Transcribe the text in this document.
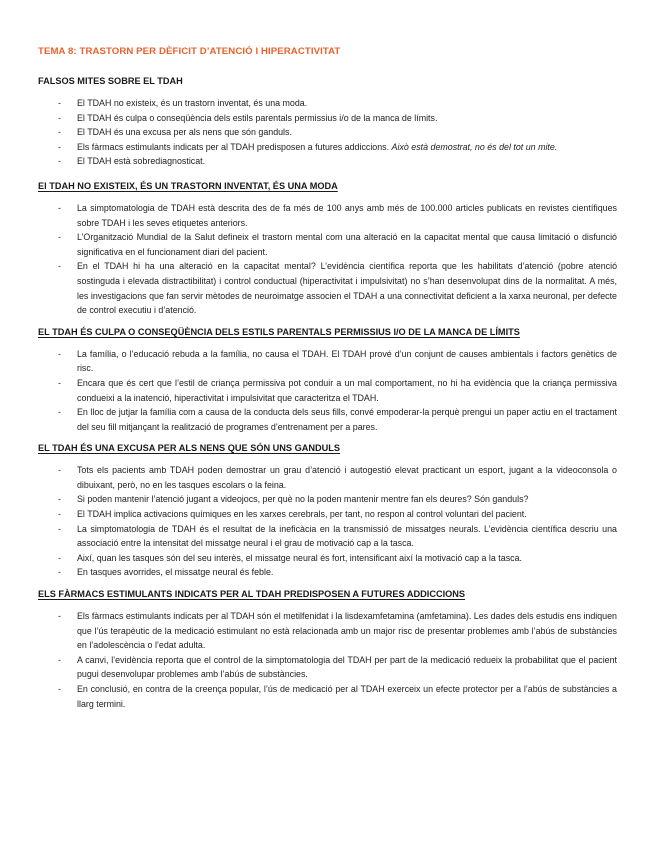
TEMA 8: TRASTORN PER DÈFICIT D’ATENCIÓ I HIPERACTIVITAT
FALSOS MITES SOBRE EL TDAH
- El TDAH no existeix, és un trastorn inventat, és una moda.
- El TDAH és culpa o conseqüència dels estils parentals permissius i/o de la manca de límits.
- El TDAH és una excusa per als nens que són ganduls.
- Els fàrmacs estimulants indicats per al TDAH predisposen a futures addiccions. Això està demostrat, no és del tot un mite.
- El TDAH està sobrediagnosticat.
El TDAH NO EXISTEIX, ÉS UN TRASTORN INVENTAT, ÉS UNA MODA
- La simptomatologia de TDAH està descrita des de fa més de 100 anys amb més de 100.000 articles publicats en revistes científiques sobre TDAH i les seves etiquetes anteriors.
- L’Organització Mundial de la Salut defineix el trastorn mental com una alteració en la capacitat mental que causa limitació o disfunció significativa en el funcionament diari del pacient.
- En el TDAH hi ha una alteració en la capacitat mental? L’evidència científica reporta que les habilitats d’atenció (pobre atenció sostinguda i elevada distractibilitat) i control conductual (hiperactivitat i impulsivitat) no s’han desenvolupat dins de la normalitat. A més, les investigacions que fan servir mètodes de neuroimatge associen el TDAH a una connectivitat deficient a la xarxa neuronal, per defecte de control executiu i d’atenció.
EL TDAH ÉS CULPA O CONSEQÜÈNCIA DELS ESTILS PARENTALS PERMISSIUS I/O DE LA MANCA DE LÍMITS
- La família, o l’educació rebuda a la família, no causa el TDAH. El TDAH prové d’un conjunt de causes ambientals i factors genètics de risc.
- Encara que és cert que l’estil de criança permissiva pot conduir a un mal comportament, no hi ha evidència que la criança permissiva condueixi a la inatenció, hiperactivitat i impulsivitat que caracteritza el TDAH.
- En lloc de jutjar la família com a causa de la conducta dels seus fills, convé empoderar-la perquè prengui un paper actiu en el tractament del seu fill mitjançant la realització de programes d’entrenament per a pares.
EL TDAH ÉS UNA EXCUSA PER ALS NENS QUE SÓN UNS GANDULS
- Tots els pacients amb TDAH poden demostrar un grau d’atenció i autogestió elevat practicant un esport, jugant a la videoconsola o dibuixant, però, no en les tasques escolars o la feina.
- Si poden mantenir l’atenció jugant a videojocs, per què no la poden mantenir mentre fan els deures? Són ganduls?
- El TDAH implica activacions químiques en les xarxes cerebrals, per tant, no respon al control voluntari del pacient.
- La simptomatologia de TDAH és el resultat de la ineficàcia en la transmissió de missatges neurals. L’evidència científica descriu una associació entre la intensitat del missatge neural i el grau de motivació cap a la tasca.
- Així, quan les tasques són del seu interès, el missatge neural és fort, intensificant així la motivació cap a la tasca.
- En tasques avorrides, el missatge neural és feble.
ELS FÀRMACS ESTIMULANTS INDICATS PER AL TDAH PREDISPOSEN A FUTURES ADDICCIONS
- Els fàrmacs estimulants indicats per al TDAH són el metilfenidat i la lisdexamfetamina (amfetamina). Les dades dels estudis ens indiquen que l’ús terapèutic de la medicació estimulant no està relacionada amb un major risc de presentar problemes amb l’abús de substàncies en l’adolescència o l’edat adulta.
- A canvi, l’evidència reporta que el control de la simptomatologia del TDAH per part de la medicació redueix la probabilitat que el pacient pugui desenvolupar problemes amb l’abús de substàncies.
- En conclusió, en contra de la creença popular, l’ús de medicació per al TDAH exerceix un efecte protector per a l’abús de substàncies a llarg termini.
